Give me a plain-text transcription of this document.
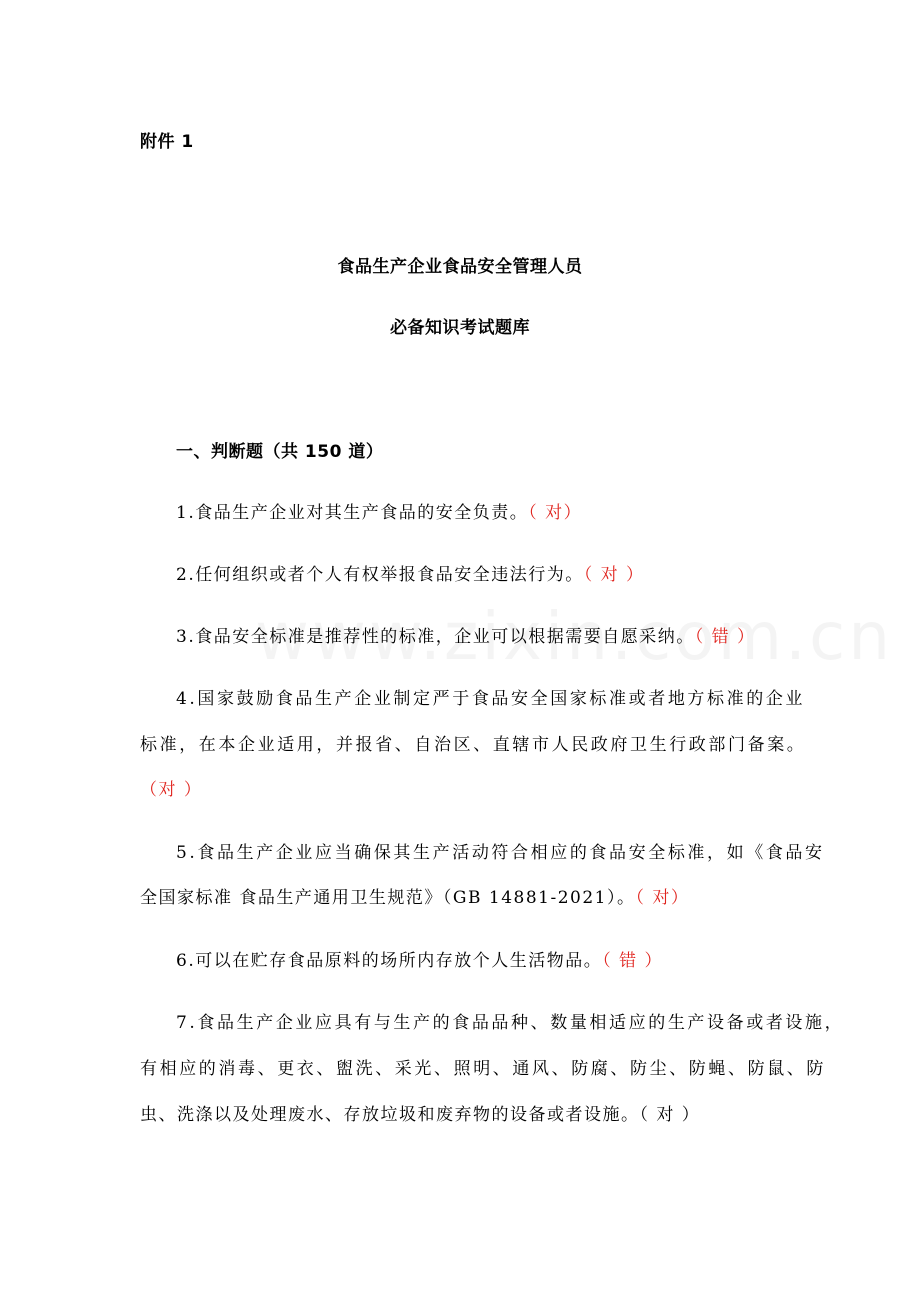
附件 1
食品生产企业食品安全管理人员
必备知识考试题库
一、判断题（共 150 道）
1.食品生产企业对其生产食品的安全负责。（ 对）
2.任何组织或者个人有权举报食品安全违法行为。（ 对 ）
3.食品安全标准是推荐性的标准，企业可以根据需要自愿采纳。（ 错 ）
4.国家鼓励食品生产企业制定严于食品安全国家标准或者地方标准的企业
标准，在本企业适用，并报省、自治区、直辖市人民政府卫生行政部门备案。
（对 ）
5.食品生产企业应当确保其生产活动符合相应的食品安全标准，如《食品安
全国家标准 食品生产通用卫生规范》（GB 14881-2021）。（ 对）
6.可以在贮存食品原料的场所内存放个人生活物品。（ 错 ）
7.食品生产企业应具有与生产的食品品种、数量相适应的生产设备或者设施，
有相应的消毒、更衣、盥洗、采光、照明、通风、防腐、防尘、防蝇、防鼠、防
虫、洗涤以及处理废水、存放垃圾和废弃物的设备或者设施。（ 对 ）
